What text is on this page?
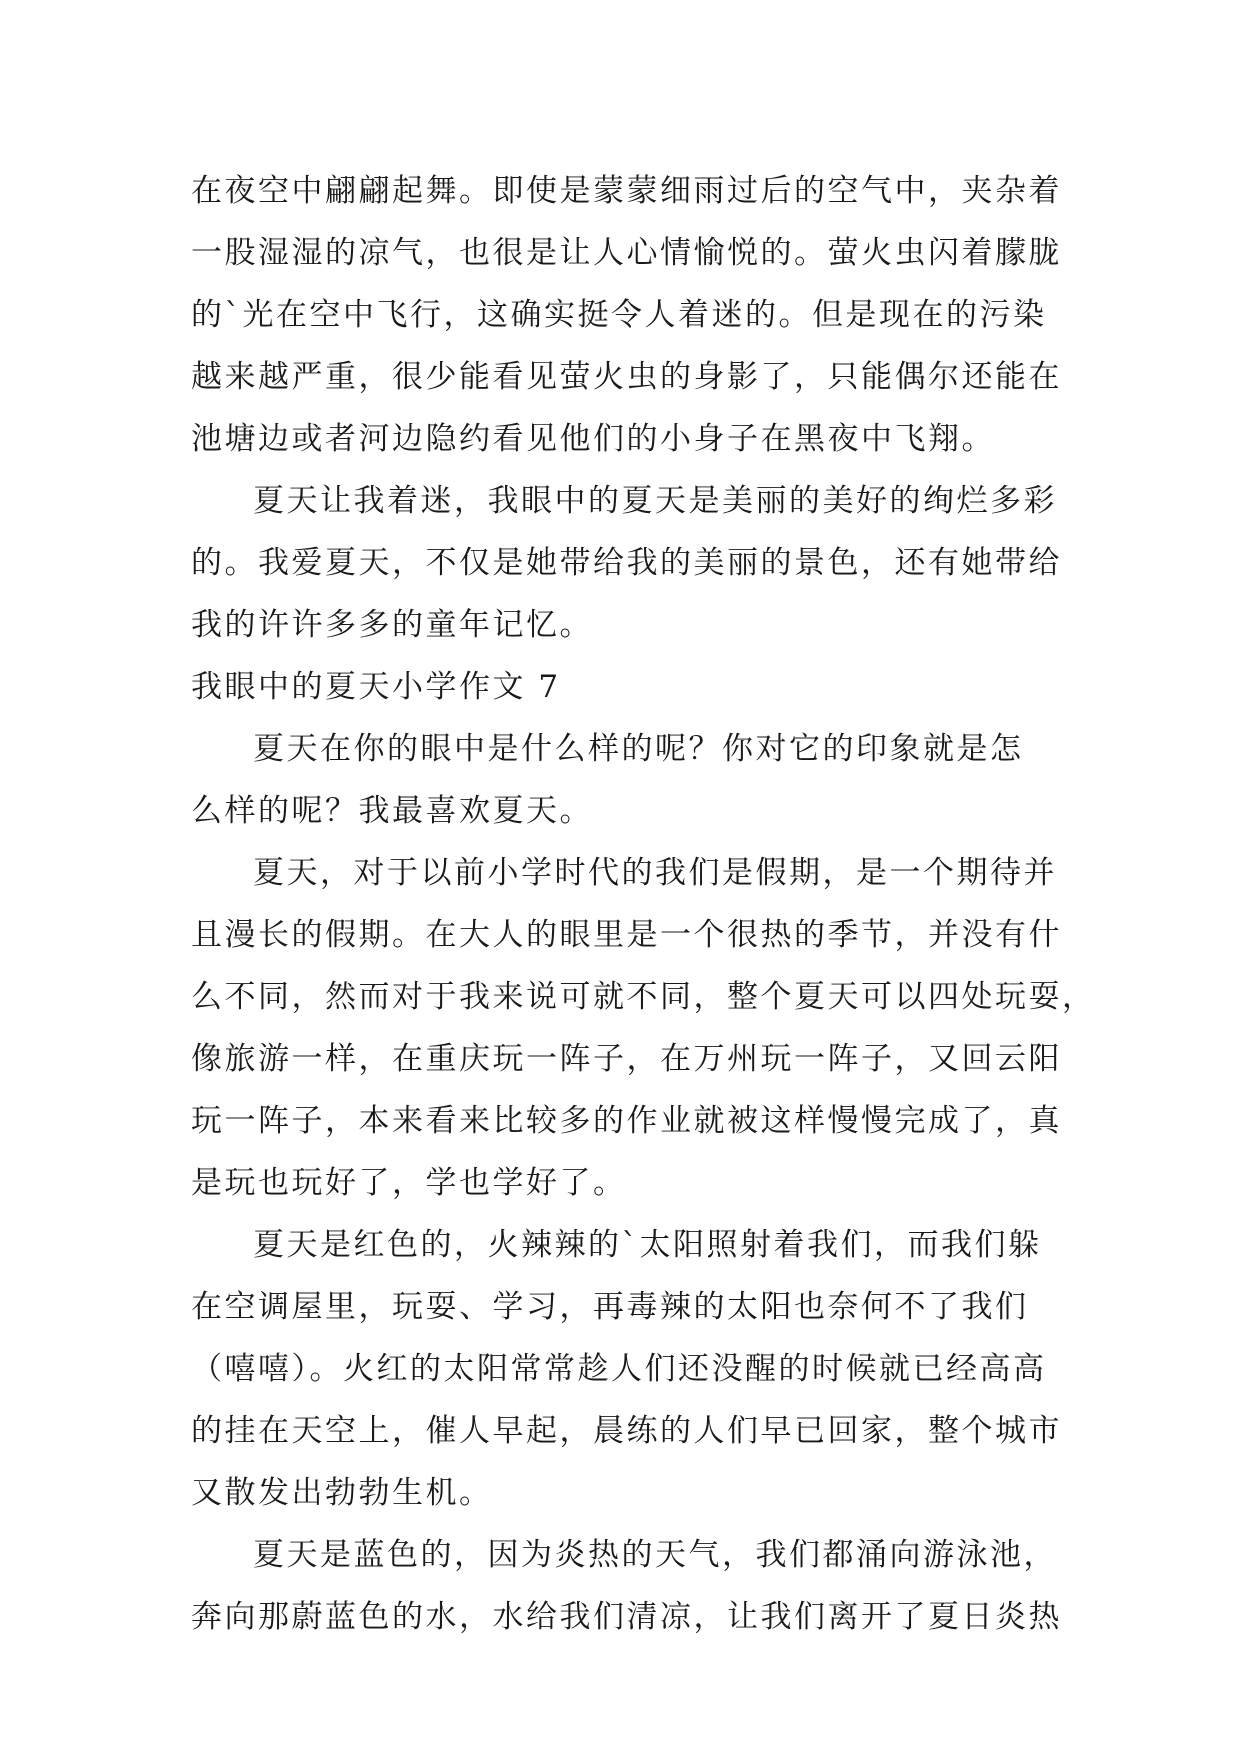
在夜空中翩翩起舞。即使是蒙蒙细雨过后的空气中，夹杂着
一股湿湿的凉气，也很是让人心情愉悦的。萤火虫闪着朦胧
的`光在空中飞行，这确实挺令人着迷的。但是现在的污染
越来越严重，很少能看见萤火虫的身影了，只能偶尔还能在
池塘边或者河边隐约看见他们的小身子在黑夜中飞翔。
夏天让我着迷，我眼中的夏天是美丽的美好的绚烂多彩
的。我爱夏天，不仅是她带给我的美丽的景色，还有她带给
我的许许多多的童年记忆。
我眼中的夏天小学作文 7
夏天在你的眼中是什么样的呢？你对它的印象就是怎
么样的呢？我最喜欢夏天。
夏天，对于以前小学时代的我们是假期，是一个期待并
且漫长的假期。在大人的眼里是一个很热的季节，并没有什
么不同，然而对于我来说可就不同，整个夏天可以四处玩耍，
像旅游一样，在重庆玩一阵子，在万州玩一阵子，又回云阳
玩一阵子，本来看来比较多的作业就被这样慢慢完成了，真
是玩也玩好了，学也学好了。
夏天是红色的，火辣辣的`太阳照射着我们，而我们躲
在空调屋里，玩耍、学习，再毒辣的太阳也奈何不了我们
（嘻嘻）。火红的太阳常常趁人们还没醒的时候就已经高高
的挂在天空上，催人早起，晨练的人们早已回家，整个城市
又散发出勃勃生机。
夏天是蓝色的，因为炎热的天气，我们都涌向游泳池，
奔向那蔚蓝色的水，水给我们清凉，让我们离开了夏日炎热
